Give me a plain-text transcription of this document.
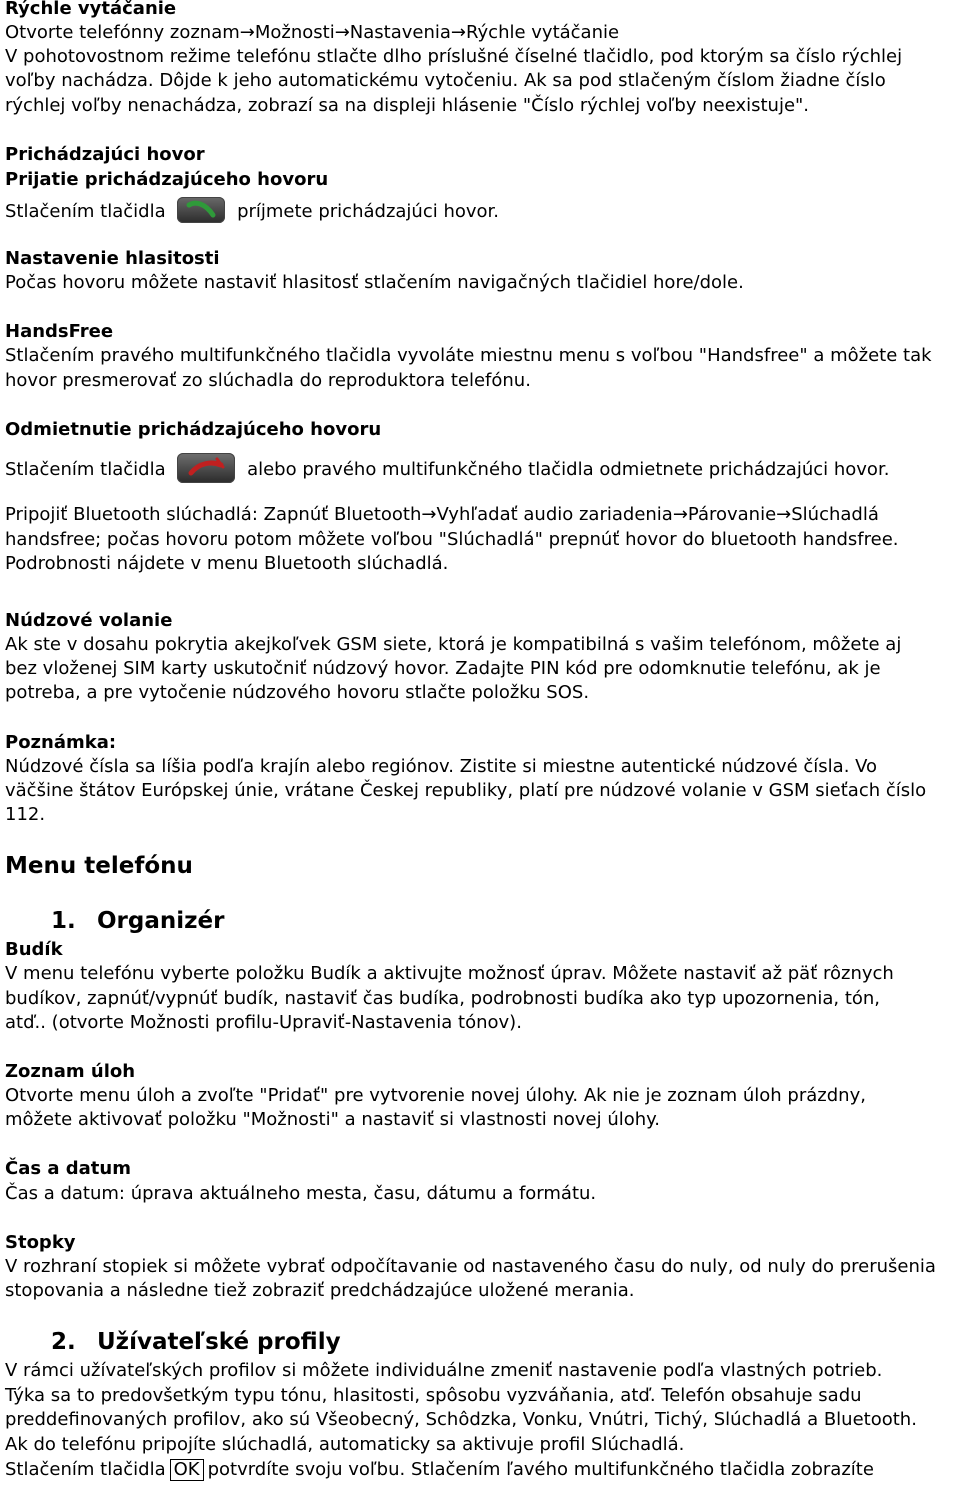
Rýchle vytáčanie
Otvorte telefónny zoznam→Možnosti→Nastavenia→Rýchle vytáčanie
V pohotovostnom režime telefónu stlačte dlho príslušné číselné tlačidlo, pod ktorým sa číslo rýchlej
voľby nachádza. Dôjde k jeho automatickému vytočeniu. Ak sa pod stlačeným číslom žiadne číslo
rýchlej voľby nenachádza, zobrazí sa na displeji hlásenie "Číslo rýchlej voľby neexistuje".
Prichádzajúci hovor
Prijatie prichádzajúceho hovoru
Stlačením tlačidla	príjmete prichádzajúci hovor.
Nastavenie hlasitosti
Počas hovoru môžete nastaviť hlasitosť stlačením navigačných tlačidiel hore/dole.
HandsFree
Stlačením pravého multifunkčného tlačidla vyvoláte miestnu menu s voľbou "Handsfree" a môžete tak
hovor presmerovať zo slúchadla do reproduktora telefónu.
Odmietnutie prichádzajúceho hovoru
Stlačením tlačidla	alebo pravého multifunkčného tlačidla odmietnete prichádzajúci hovor.
Pripojiť Bluetooth slúchadlá: Zapnúť Bluetooth→Vyhľadať audio zariadenia→Párovanie→Slúchadlá
handsfree; počas hovoru potom môžete voľbou "Slúchadlá" prepnúť hovor do bluetooth handsfree.
Podrobnosti nájdete v menu Bluetooth slúchadlá.
Núdzové volanie
Ak ste v dosahu pokrytia akejkoľvek GSM siete, ktorá je kompatibilná s vašim telefónom, môžete aj
bez vloženej SIM karty uskutočniť núdzový hovor. Zadajte PIN kód pre odomknutie telefónu, ak je
potreba, a pre vytočenie núdzového hovoru stlačte položku SOS.
Poznámka:
Núdzové čísla sa líšia podľa krajín alebo regiónov. Zistite si miestne autentické núdzové čísla. Vo
väčšine štátov Európskej únie, vrátane Českej republiky, platí pre núdzové volanie v GSM sieťach číslo
112.
Menu telefónu
1. Organizér
Budík
V menu telefónu vyberte položku Budík a aktivujte možnosť úprav. Môžete nastaviť až päť rôznych
budíkov, zapnúť/vypnúť budík, nastaviť čas budíka, podrobnosti budíka ako typ upozornenia, tón,
atď.. (otvorte Možnosti profilu-Upraviť-Nastavenia tónov).
Zoznam úloh
Otvorte menu úloh a zvoľte "Pridať" pre vytvorenie novej úlohy. Ak nie je zoznam úloh prázdny,
môžete aktivovať položku "Možnosti" a nastaviť si vlastnosti novej úlohy.
Čas a datum
Čas a datum: úprava aktuálneho mesta, času, dátumu a formátu.
Stopky
V rozhraní stopiek si môžete vybrať odpočítavanie od nastaveného času do nuly, od nuly do prerušenia
stopovania a následne tiež zobraziť predchádzajúce uložené merania.
2. Užívateľské profily
V rámci užívateľských profilov si môžete individuálne zmeniť nastavenie podľa vlastných potrieb.
Týka sa to predovšetkým typu tónu, hlasitosti, spôsobu vyzváňania, atď. Telefón obsahuje sadu
preddefinovaných profilov, ako sú Všeobecný, Schôdzka, Vonku, Vnútri, Tichý, Slúchadlá a Bluetooth.
Ak do telefónu pripojíte slúchadlá, automaticky sa aktivuje profil Slúchadlá.
Stlačením tlačidla OK potvrdíte svoju voľbu. Stlačením ľavého multifunkčného tlačidla zobrazíte
